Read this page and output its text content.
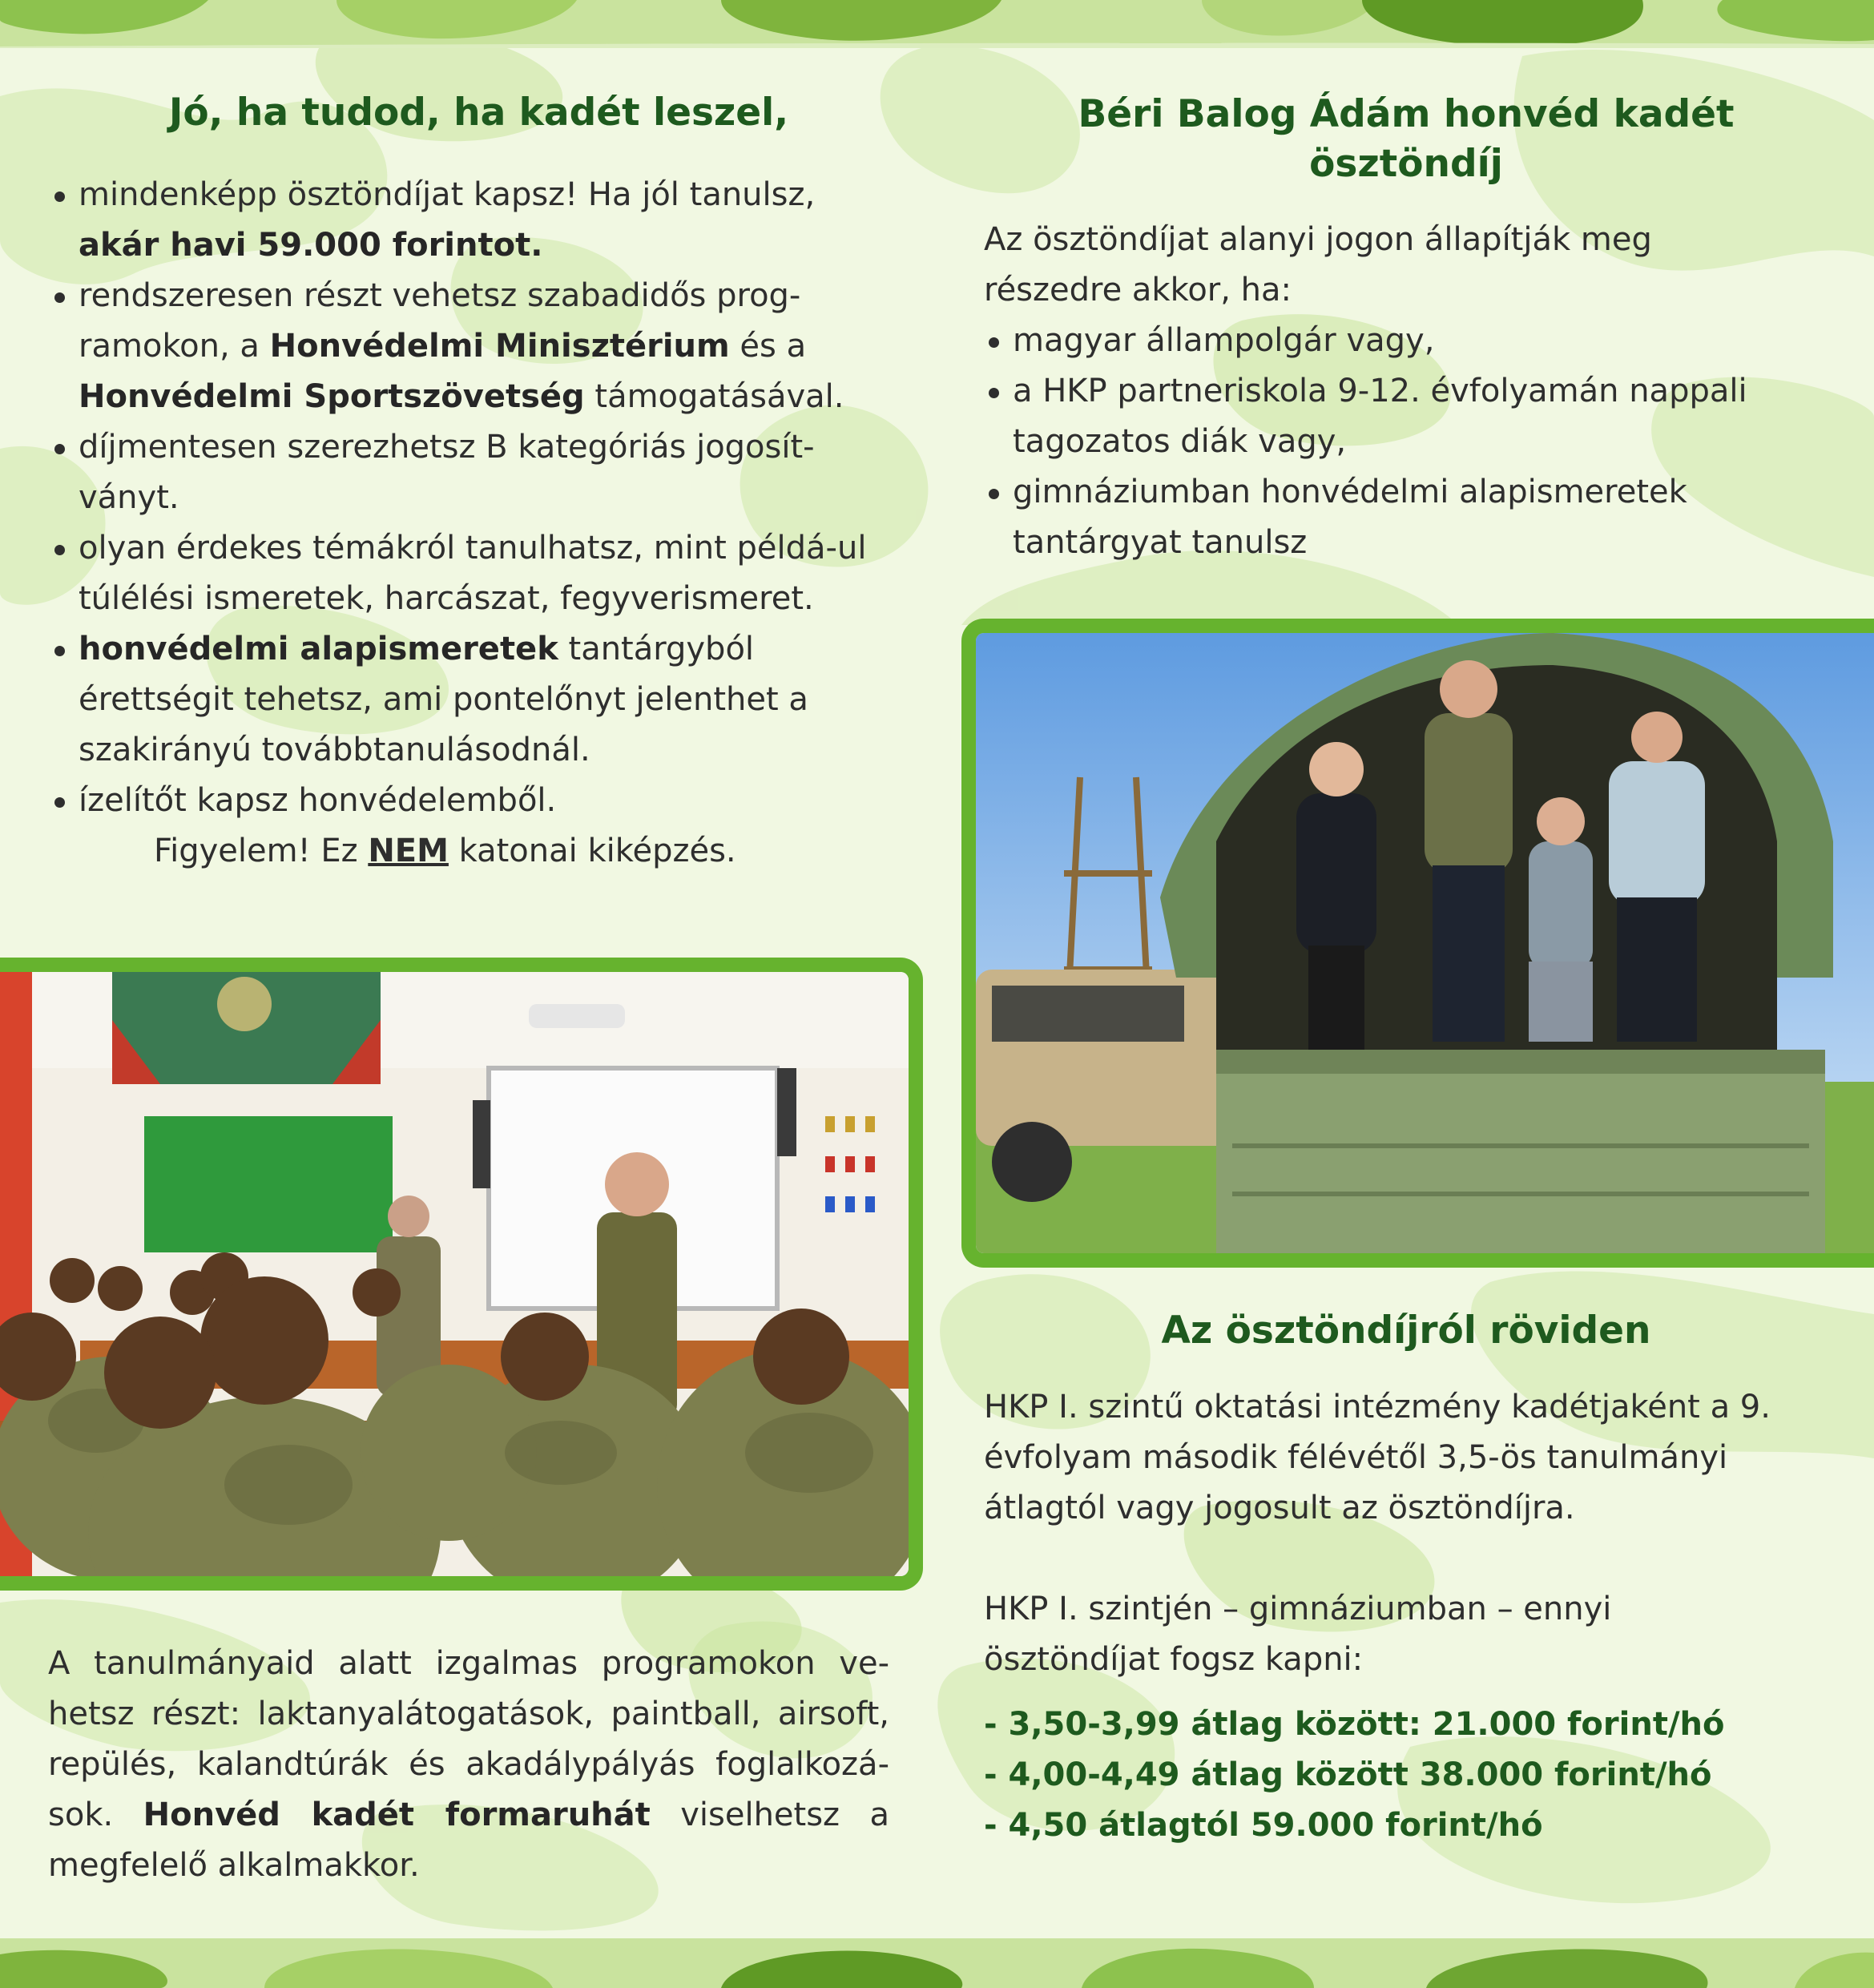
Jó, ha tudod, ha kadét leszel,
mindenképp ösztöndíjat kapsz! Ha jól tanulsz,
akár havi 59.000 forintot.
rendszeresen részt vehetsz szabadidős prog-ramokon, a Honvédelmi Minisztérium és a Honvédelmi Sportszövetség támogatásával.
díjmentesen szerezhetsz B kategóriás jogosít-ványt.
olyan érdekes témákról tanulhatsz, mint példá-ul túlélési ismeretek, harcászat, fegyverismeret.
honvédelmi alapismeretek tantárgyból érettségit tehetsz, ami pontelőnyt jelenthet a szakirányú továbbtanulásodnál.
ízelítőt kapsz honvédelemből.
Figyelem! Ez NEM katonai kiképzés.
A tanulmányaid alatt izgalmas programokon ve-hetsz részt: laktanyalátogatások, paintball, airsoft, repülés, kalandtúrák és akadálypályás foglalkozá-sok. Honvéd kadét formaruhát viselhetsz a megfelelő alkalmakkor.
Béri Balog Ádám honvéd kadét
ösztöndíj
Az ösztöndíjat alanyi jogon állapítják meg részedre akkor, ha:
magyar állampolgár vagy,
a HKP partneriskola 9-12. évfolyamán nappali tagozatos diák vagy,
gimnáziumban honvédelmi alapismeretek tantárgyat tanulsz
Az ösztöndíjról röviden

HKP I. szintű oktatási intézmény kadétjaként a 9. évfolyam második félévétől 3,5-ös tanulmányi átlagtól vagy jogosult az ösztöndíjra.

HKP I. szintjén – gimnáziumban – ennyi ösztöndíjat fogsz kapni:

- 3,50-3,99 átlag között: 21.000 forint/hó
- 4,00-4,49 átlag között 38.000 forint/hó
- 4,50 átlagtól 59.000 forint/hó
